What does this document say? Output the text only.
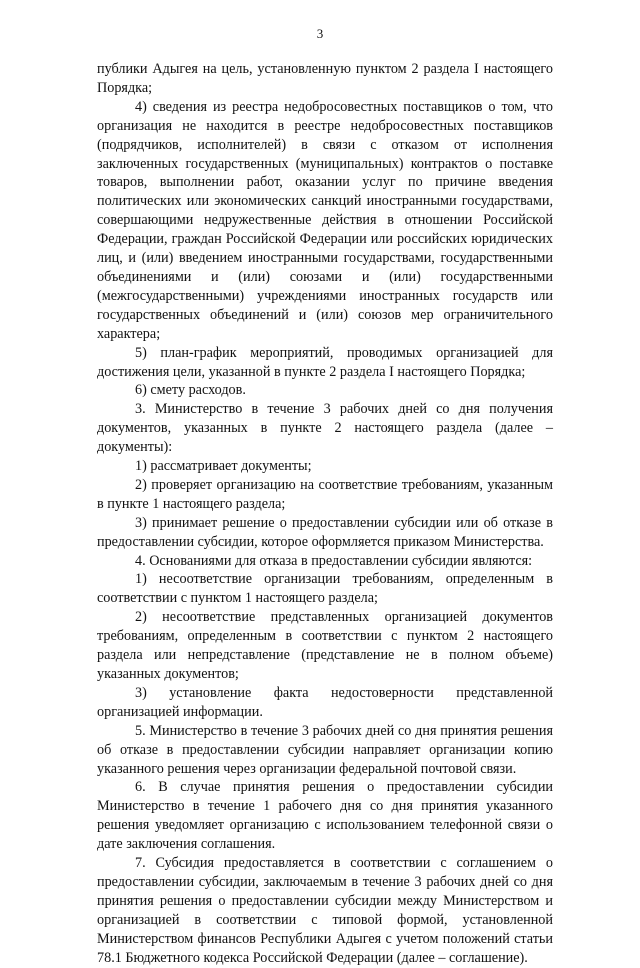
3

публики Адыгея на цель, установленную пунктом 2 раздела I настоящего Порядка;

4) сведения из реестра недобросовестных поставщиков о том, что организация не находится в реестре недобросовестных поставщиков (подрядчиков, исполнителей) в связи с отказом от исполнения заключенных государственных (муниципальных) контрактов о поставке товаров, выполнении работ, оказании услуг по причине введения политических или экономических санкций иностранными государствами, совершающими недружественные действия в отношении Российской Федерации, граждан Российской Федерации или российских юридических лиц, и (или) введением иностранными государствами, государственными объединениями и (или) союзами и (или) государственными (межгосударственными) учреждениями иностранных государств или государственных объединений и (или) союзов мер ограничительного характера;

5) план-график мероприятий, проводимых организацией для достижения цели, указанной в пункте 2 раздела I настоящего Порядка;

6) смету расходов.

3. Министерство в течение 3 рабочих дней со дня получения документов, указанных в пункте 2 настоящего раздела (далее – документы):

1) рассматривает документы;

2) проверяет организацию на соответствие требованиям, указанным в пункте 1 настоящего раздела;

3) принимает решение о предоставлении субсидии или об отказе в предоставлении субсидии, которое оформляется приказом Министерства.

4. Основаниями для отказа в предоставлении субсидии являются:

1) несоответствие организации требованиям, определенным в соответствии с пунктом 1 настоящего раздела;

2) несоответствие представленных организацией документов требованиям, определенным в соответствии с пунктом 2 настоящего раздела или непредставление (представление не в полном объеме) указанных документов;

3) установление факта недостоверности представленной организацией информации.

5. Министерство в течение 3 рабочих дней со дня принятия решения об отказе в предоставлении субсидии направляет организации копию указанного решения через организации федеральной почтовой связи.

6. В случае принятия решения о предоставлении субсидии Министерство в течение 1 рабочего дня со дня принятия указанного решения уведомляет организацию с использованием телефонной связи о дате заключения соглашения.

7. Субсидия предоставляется в соответствии с соглашением о предоставлении субсидии, заключаемым в течение 3 рабочих дней со дня принятия решения о предоставлении субсидии между Министерством и организацией в соответствии с типовой формой, установленной Министерством финансов Республики Адыгея с учетом положений статьи 78.1 Бюджетного кодекса Российской Федерации (далее – соглашение).
